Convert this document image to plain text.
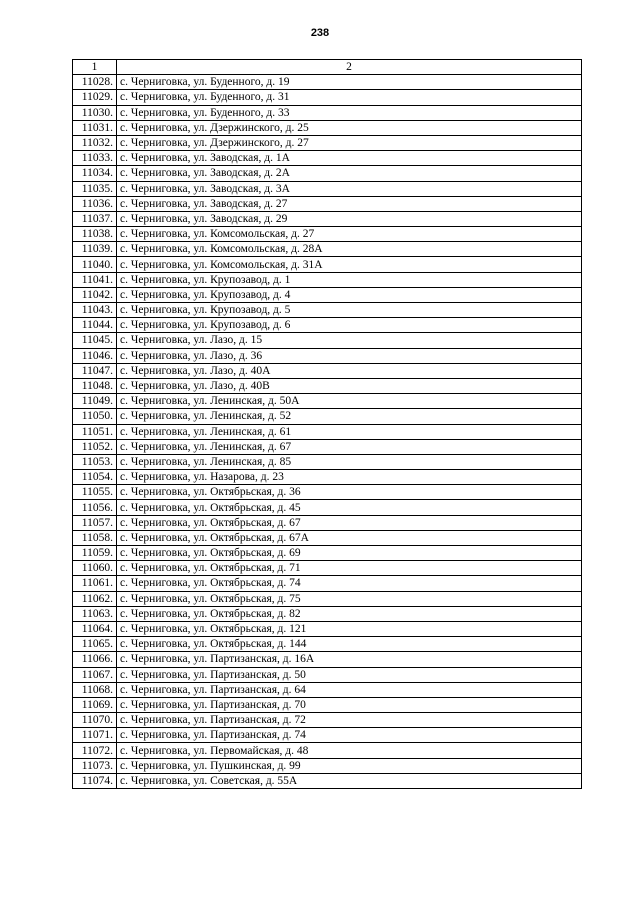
238
1	2
11028.	с. Черниговка, ул. Буденного, д. 19
11029.	с. Черниговка, ул. Буденного, д. 31
11030.	с. Черниговка, ул. Буденного, д. 33
11031.	с. Черниговка, ул. Дзержинского, д. 25
11032.	с. Черниговка, ул. Дзержинского, д. 27
11033.	с. Черниговка, ул. Заводская, д. 1А
11034.	с. Черниговка, ул. Заводская, д. 2А
11035.	с. Черниговка, ул. Заводская, д. 3А
11036.	с. Черниговка, ул. Заводская, д. 27
11037.	с. Черниговка, ул. Заводская, д. 29
11038.	с. Черниговка, ул. Комсомольская, д. 27
11039.	с. Черниговка, ул. Комсомольская, д. 28А
11040.	с. Черниговка, ул. Комсомольская, д. 31А
11041.	с. Черниговка, ул. Крупозавод, д. 1
11042.	с. Черниговка, ул. Крупозавод, д. 4
11043.	с. Черниговка, ул. Крупозавод, д. 5
11044.	с. Черниговка, ул. Крупозавод, д. 6
11045.	с. Черниговка, ул. Лазо, д. 15
11046.	с. Черниговка, ул. Лазо, д. 36
11047.	с. Черниговка, ул. Лазо, д. 40А
11048.	с. Черниговка, ул. Лазо, д. 40В
11049.	с. Черниговка, ул. Ленинская, д. 50А
11050.	с. Черниговка, ул. Ленинская, д. 52
11051.	с. Черниговка, ул. Ленинская, д. 61
11052.	с. Черниговка, ул. Ленинская, д. 67
11053.	с. Черниговка, ул. Ленинская, д. 85
11054.	с. Черниговка, ул. Назарова, д. 23
11055.	с. Черниговка, ул. Октябрьская, д. 36
11056.	с. Черниговка, ул. Октябрьская, д. 45
11057.	с. Черниговка, ул. Октябрьская, д. 67
11058.	с. Черниговка, ул. Октябрьская, д. 67А
11059.	с. Черниговка, ул. Октябрьская, д. 69
11060.	с. Черниговка, ул. Октябрьская, д. 71
11061.	с. Черниговка, ул. Октябрьская, д. 74
11062.	с. Черниговка, ул. Октябрьская, д. 75
11063.	с. Черниговка, ул. Октябрьская, д. 82
11064.	с. Черниговка, ул. Октябрьская, д. 121
11065.	с. Черниговка, ул. Октябрьская, д. 144
11066.	с. Черниговка, ул. Партизанская, д. 16А
11067.	с. Черниговка, ул. Партизанская, д. 50
11068.	с. Черниговка, ул. Партизанская, д. 64
11069.	с. Черниговка, ул. Партизанская, д. 70
11070.	с. Черниговка, ул. Партизанская, д. 72
11071.	с. Черниговка, ул. Партизанская, д. 74
11072.	с. Черниговка, ул. Первомайская, д. 48
11073.	с. Черниговка, ул. Пушкинская, д. 99
11074.	с. Черниговка, ул. Советская, д. 55А
